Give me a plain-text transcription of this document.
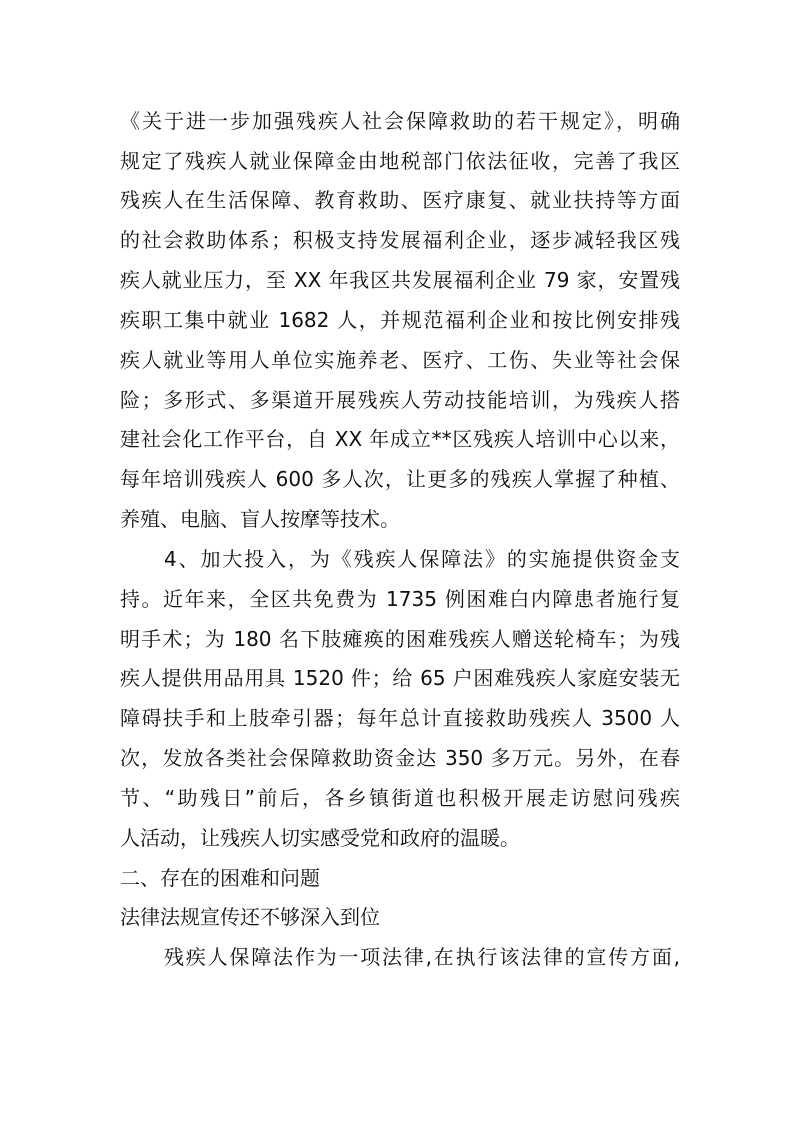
《关于进一步加强残疾人社会保障救助的若干规定》，明确

规定了残疾人就业保障金由地税部门依法征收，完善了我区

残疾人在生活保障、教育救助、医疗康复、就业扶持等方面

的社会救助体系；积极支持发展福利企业，逐步减轻我区残

疾人就业压力，至 XX 年我区共发展福利企业 79 家，安置残

疾职工集中就业 1682 人，并规范福利企业和按比例安排残

疾人就业等用人单位实施养老、医疗、工伤、失业等社会保

险；多形式、多渠道开展残疾人劳动技能培训，为残疾人搭

建社会化工作平台，自 XX 年成立**区残疾人培训中心以来，

每年培训残疾人 600 多人次，让更多的残疾人掌握了种植、

养殖、电脑、盲人按摩等技术。

4、加大投入，为《残疾人保障法》的实施提供资金支

持。近年来，全区共免费为 1735 例困难白内障患者施行复

明手术；为 180 名下肢瘫痪的困难残疾人赠送轮椅车；为残

疾人提供用品用具 1520 件；给 65 户困难残疾人家庭安装无

障碍扶手和上肢牵引器；每年总计直接救助残疾人 3500 人

次，发放各类社会保障救助资金达 350 多万元。另外，在春

节、“助残日”前后，各乡镇街道也积极开展走访慰问残疾

人活动，让残疾人切实感受党和政府的温暖。

二、存在的困难和问题

法律法规宣传还不够深入到位

残疾人保障法作为一项法律,在执行该法律的宣传方面,
